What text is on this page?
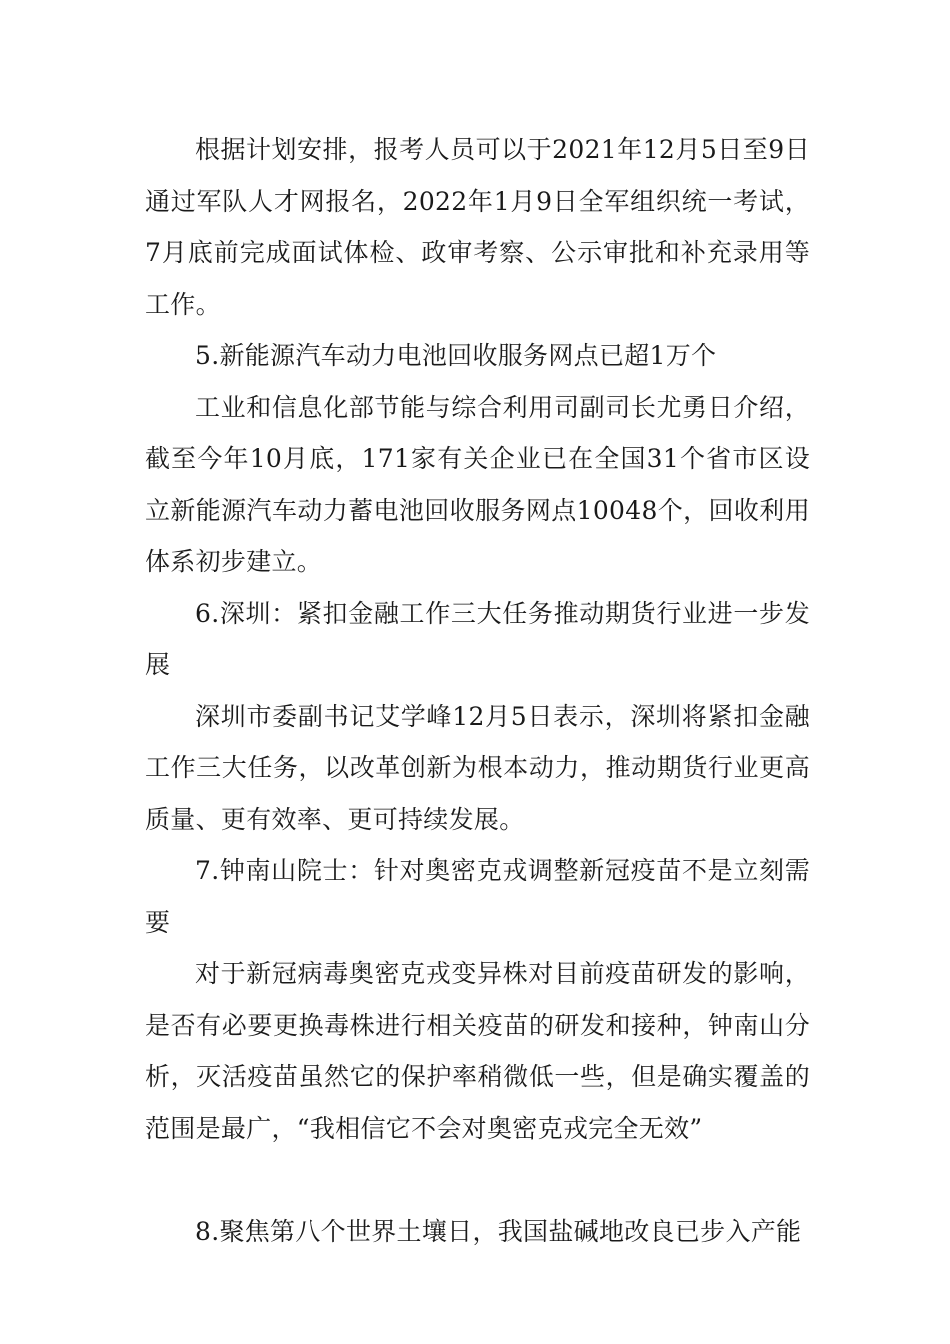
根据计划安排，报考人员可以于2021年12月5日至9日通过军队人才网报名，2022年1月9日全军组织统一考试，7月底前完成面试体检、政审考察、公示审批和补充录用等工作。

5.新能源汽车动力电池回收服务网点已超1万个

工业和信息化部节能与综合利用司副司长尤勇日介绍，截至今年10月底，171家有关企业已在全国31个省市区设立新能源汽车动力蓄电池回收服务网点10048个，回收利用体系初步建立。

6.深圳：紧扣金融工作三大任务推动期货行业进一步发展

深圳市委副书记艾学峰12月5日表示，深圳将紧扣金融工作三大任务，以改革创新为根本动力，推动期货行业更高质量、更有效率、更可持续发展。

7.钟南山院士：针对奥密克戎调整新冠疫苗不是立刻需要

对于新冠病毒奥密克戎变异株对目前疫苗研发的影响，是否有必要更换毒株进行相关疫苗的研发和接种，钟南山分析，灭活疫苗虽然它的保护率稍微低一些，但是确实覆盖的范围是最广，“我相信它不会对奥密克戎完全无效”

8.聚焦第八个世界土壤日，我国盐碱地改良已步入产能
